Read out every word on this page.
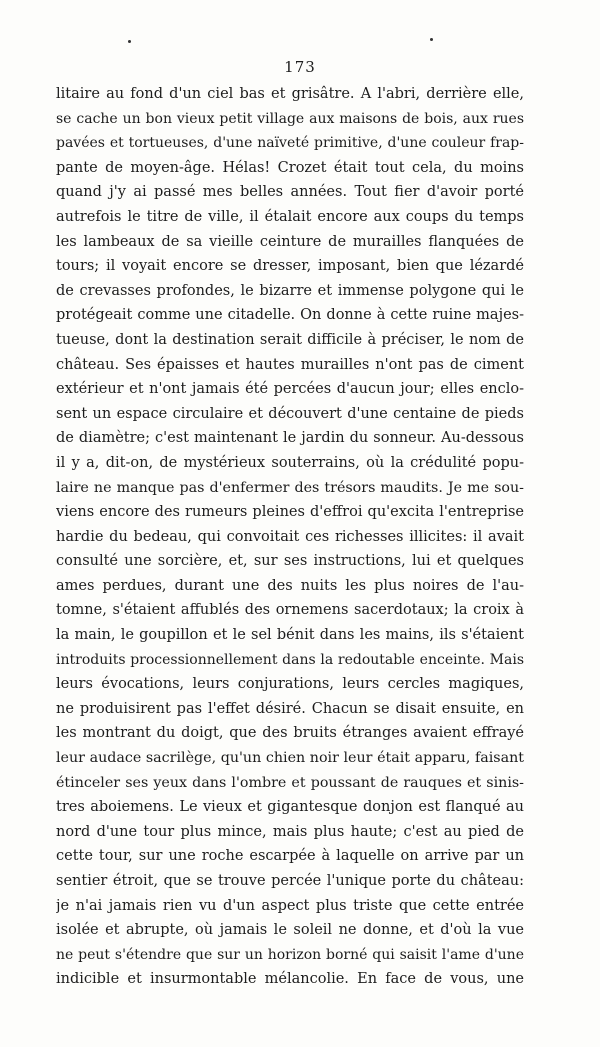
173
litaire au fond d'un ciel bas et grisâtre. A l'abri, derrière elle,
se cache un bon vieux petit village aux maisons de bois, aux rues
pavées et tortueuses, d'une naïveté primitive, d'une couleur frap-
pante de moyen-âge. Hélas! Crozet était tout cela, du moins
quand j'y ai passé mes belles années. Tout fier d'avoir porté
autrefois le titre de ville, il étalait encore aux coups du temps
les lambeaux de sa vieille ceinture de murailles flanquées de
tours; il voyait encore se dresser, imposant, bien que lézardé
de crevasses profondes, le bizarre et immense polygone qui le
protégeait comme une citadelle. On donne à cette ruine majes-
tueuse, dont la destination serait difficile à préciser, le nom de
château. Ses épaisses et hautes murailles n'ont pas de ciment
extérieur et n'ont jamais été percées d'aucun jour; elles enclo-
sent un espace circulaire et découvert d'une centaine de pieds
de diamètre; c'est maintenant le jardin du sonneur. Au-dessous
il y a, dit-on, de mystérieux souterrains, où la crédulité popu-
laire ne manque pas d'enfermer des trésors maudits. Je me sou-
viens encore des rumeurs pleines d'effroi qu'excita l'entreprise
hardie du bedeau, qui convoitait ces richesses illicites: il avait
consulté une sorcière, et, sur ses instructions, lui et quelques
ames perdues, durant une des nuits les plus noires de l'au-
tomne, s'étaient affublés des ornemens sacerdotaux; la croix à
la main, le goupillon et le sel bénit dans les mains, ils s'étaient
introduits processionnellement dans la redoutable enceinte. Mais
leurs évocations, leurs conjurations, leurs cercles magiques,
ne produisirent pas l'effet désiré. Chacun se disait ensuite, en
les montrant du doigt, que des bruits étranges avaient effrayé
leur audace sacrilège, qu'un chien noir leur était apparu, faisant
étinceler ses yeux dans l'ombre et poussant de rauques et sinis-
tres aboiemens. Le vieux et gigantesque donjon est flanqué au
nord d'une tour plus mince, mais plus haute; c'est au pied de
cette tour, sur une roche escarpée à laquelle on arrive par un
sentier étroit, que se trouve percée l'unique porte du château:
je n'ai jamais rien vu d'un aspect plus triste que cette entrée
isolée et abrupte, où jamais le soleil ne donne, et d'où la vue
ne peut s'étendre que sur un horizon borné qui saisit l'ame d'une
indicible et insurmontable mélancolie. En face de vous, une
